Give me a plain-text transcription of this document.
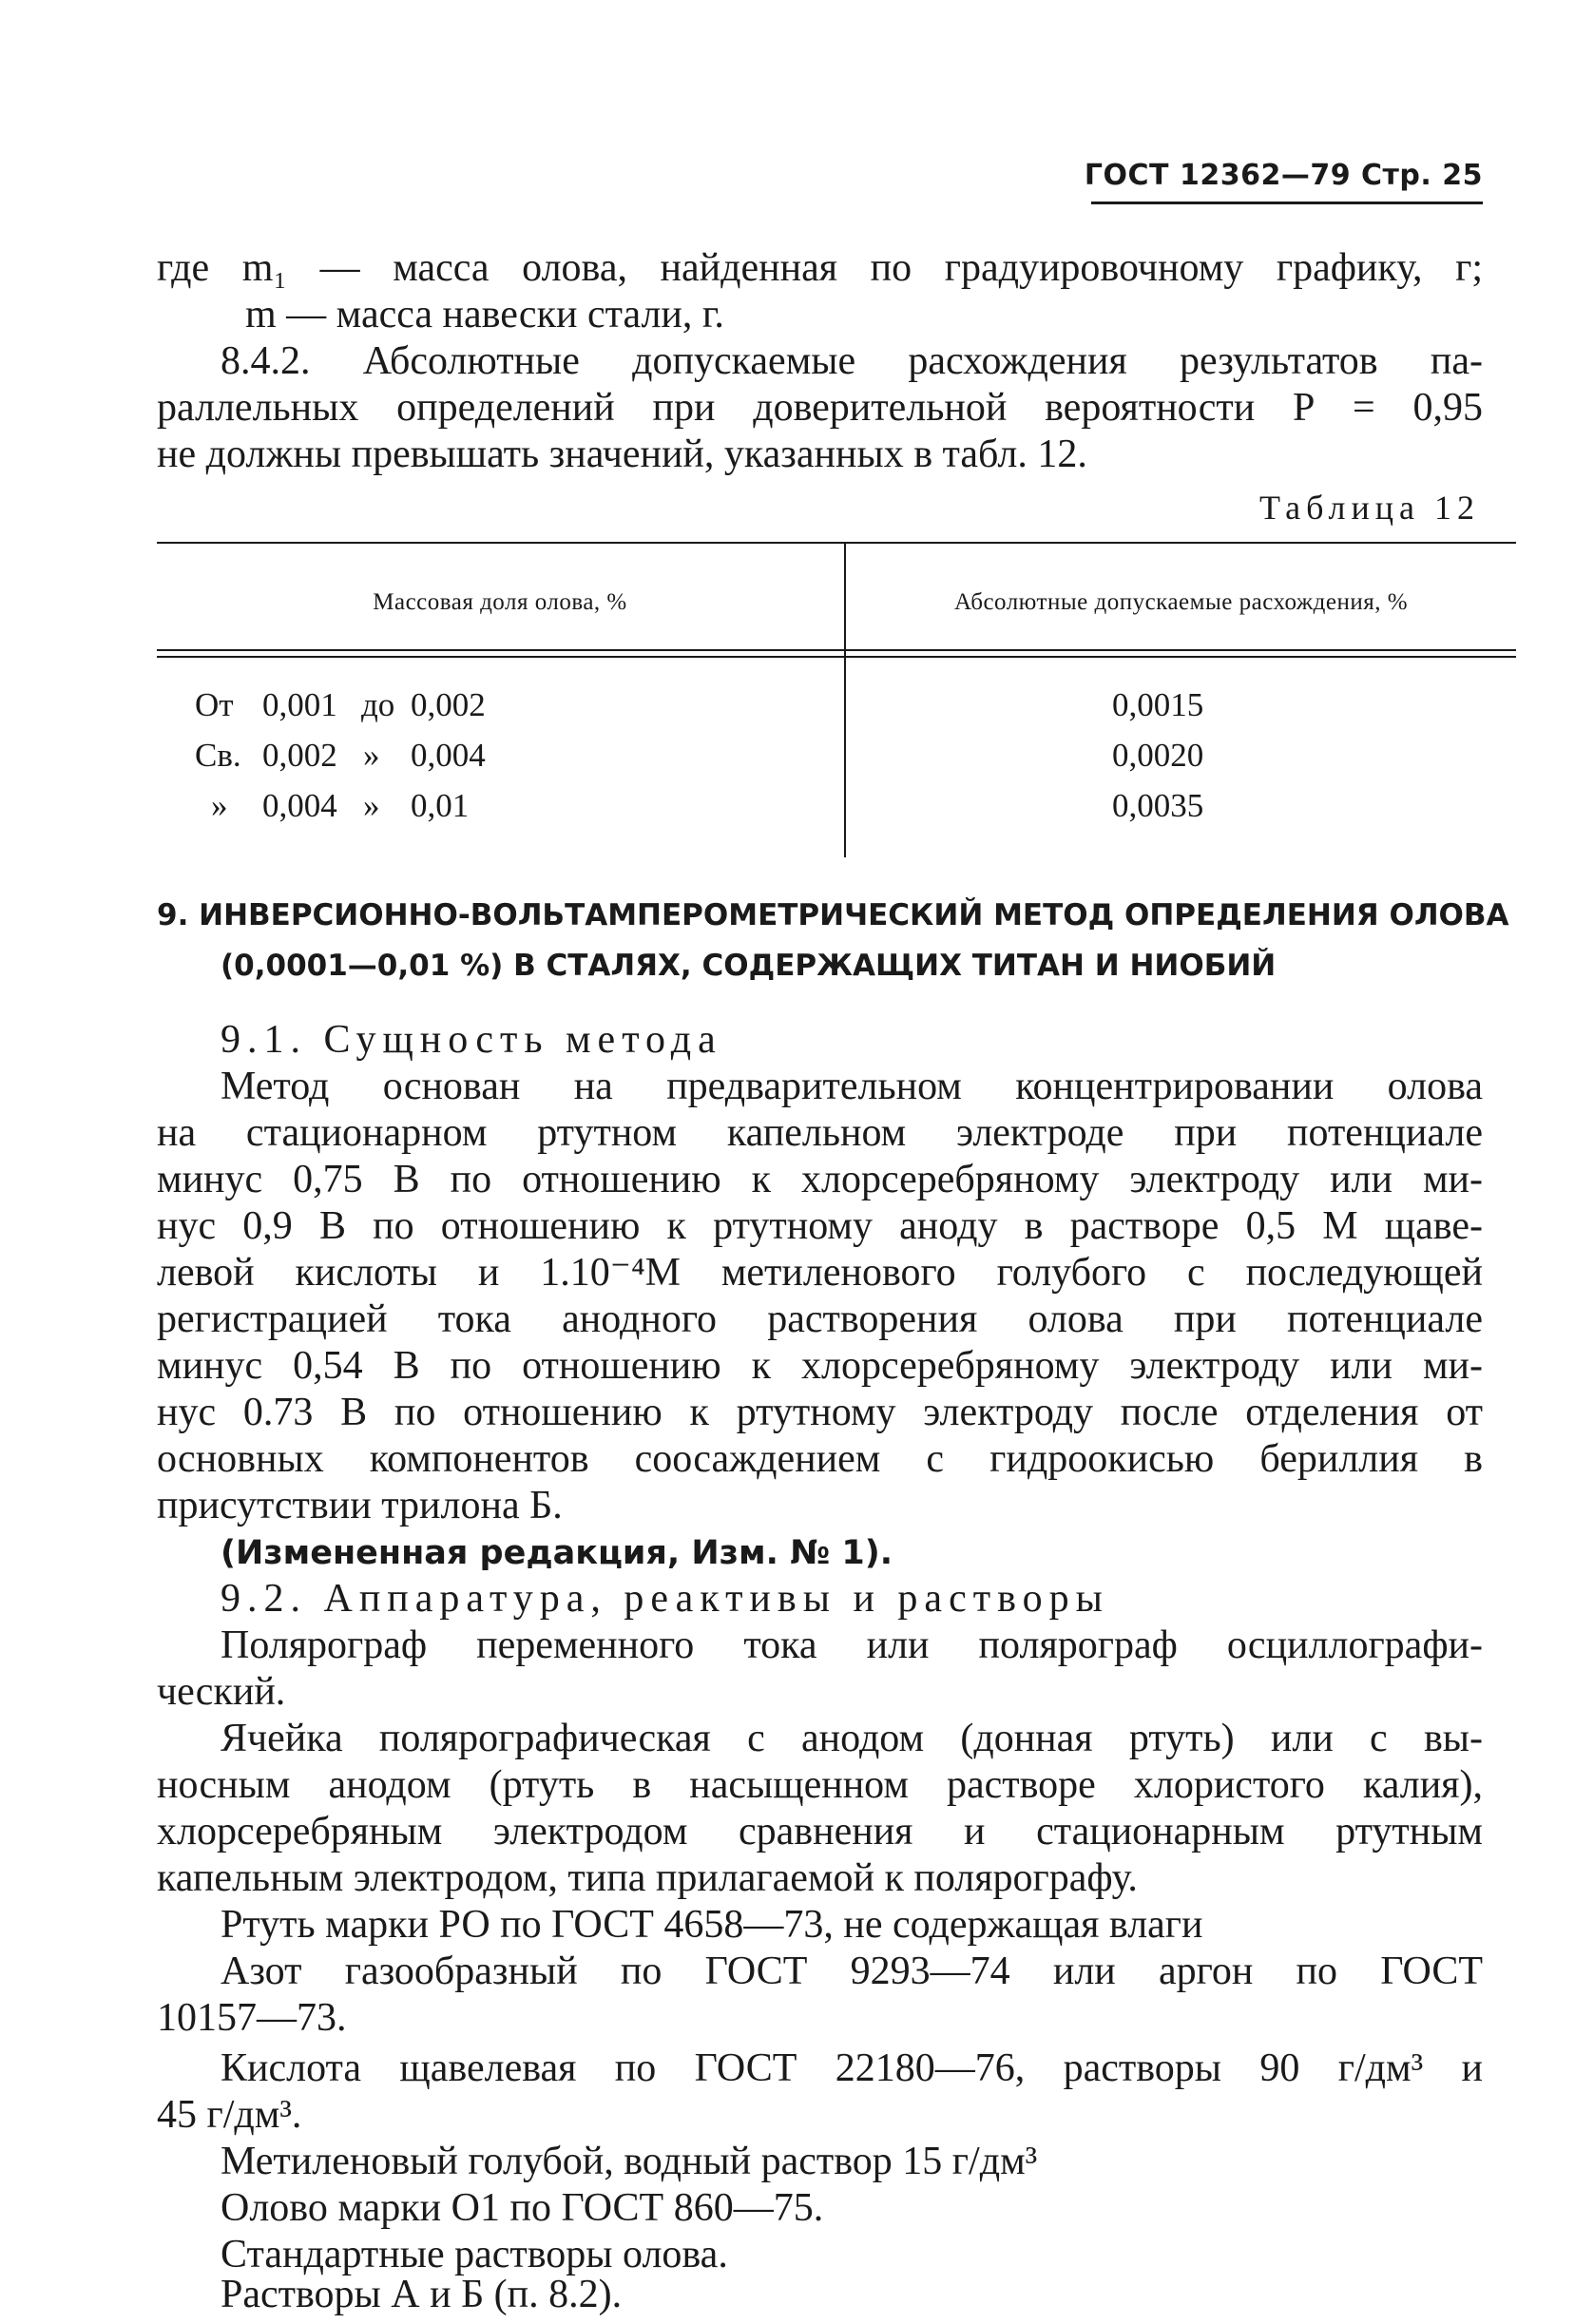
ГОСТ 12362—79 Стр. 25
где m₁ — масса олова, найденная по градуировочному графику, г;
m — масса навески стали, г.
8.4.2. Абсолютные допускаемые расхождения результатов па-
раллельных определений при доверительной вероятности Р = 0,95
не должны превышать значений, указанных в табл. 12.
Таблица 12
Массовая доля олова, %	Абсолютные допускаемые расхождения, %
От 0,001 до 0,002	0,0015
Св. 0,002 » 0,004	0,0020
» 0,004 » 0,01	0,0035
9. ИНВЕРСИОННО-ВОЛЬТАМПЕРОМЕТРИЧЕСКИЙ МЕТОД ОПРЕДЕЛЕНИЯ ОЛОВА
(0,0001—0,01 %) В СТАЛЯХ, СОДЕРЖАЩИХ ТИТАН И НИОБИЙ
9.1. Сущность метода
Метод основан на предварительном концентрировании олова
на стационарном ртутном капельном электроде при потенциале
минус 0,75 В по отношению к хлорсеребряному электроду или ми-
нус 0,9 В по отношению к ртутному аноду в растворе 0,5 М щаве-
левой кислоты и 1.10⁻⁴М метиленового голубого с последующей
регистрацией тока анодного растворения олова при потенциале
минус 0,54 В по отношению к хлорсеребряному электроду или ми-
нус 0.73 В по отношению к ртутному электроду после отделения от
основных компонентов соосаждением с гидроокисью бериллия в
присутствии трилона Б.
(Измененная редакция, Изм. № 1).
9.2. Аппаратура, реактивы и растворы
Полярограф переменного тока или полярограф осциллографи-
ческий.
Ячейка полярографическая с анодом (донная ртуть) или с вы-
носным анодом (ртуть в насыщенном растворе хлористого калия),
хлорсеребряным электродом сравнения и стационарным ртутным
капельным электродом, типа прилагаемой к полярографу.
Ртуть марки РО по ГОСТ 4658—73, не содержащая влаги
Азот газообразный по ГОСТ 9293—74 или аргон по ГОСТ
10157—73.
Кислота щавелевая по ГОСТ 22180—76, растворы 90 г/дм³ и
45 г/дм³.
Метиленовый голубой, водный раствор 15 г/дм³
Олово марки О1 по ГОСТ 860—75.
Стандартные растворы олова.
Растворы А и Б (п. 8.2).
